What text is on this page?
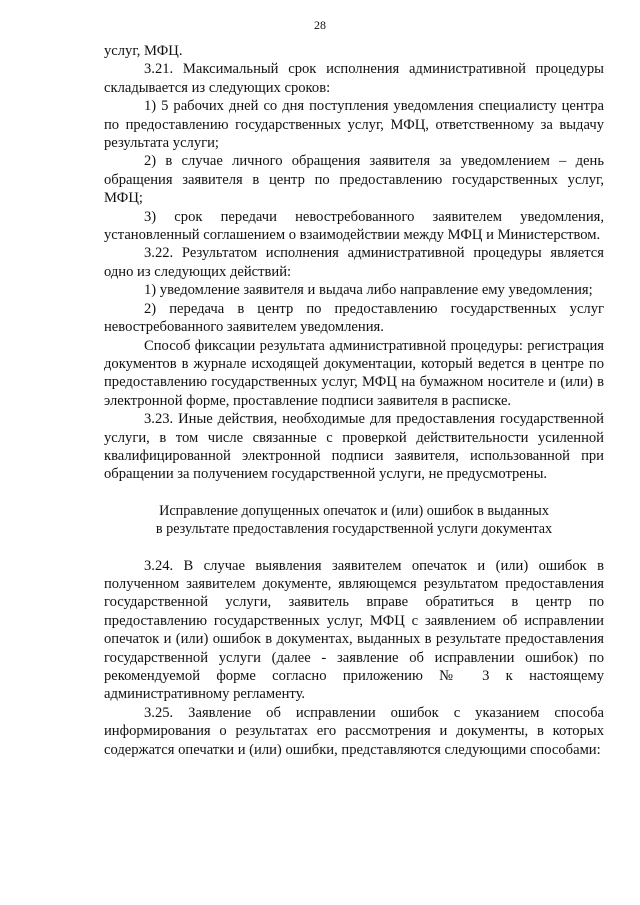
28

услуг, МФЦ.

3.21. Максимальный срок исполнения административной процедуры складывается из следующих сроков:

1) 5 рабочих дней со дня поступления уведомления специалисту центра по предоставлению государственных услуг, МФЦ, ответственному за выдачу результата услуги;

2) в случае личного обращения заявителя за уведомлением – день обращения заявителя в центр по предоставлению государственных услуг, МФЦ;

3) срок передачи невостребованного заявителем уведомления, установленный соглашением о взаимодействии между МФЦ и Министерством.

3.22. Результатом исполнения административной процедуры является одно из следующих действий:

1) уведомление заявителя и выдача либо направление ему уведомления;

2) передача в центр по предоставлению государственных услуг невостребованного заявителем уведомления.

Способ фиксации результата административной процедуры: регистрация документов в журнале исходящей документации, который ведется в центре по предоставлению государственных услуг, МФЦ на бумажном носителе и (или) в электронной форме, проставление подписи заявителя в расписке.

3.23. Иные действия, необходимые для предоставления государственной услуги, в том числе связанные с проверкой действительности усиленной квалифицированной электронной подписи заявителя, использованной при обращении за получением государственной услуги, не предусмотрены.

Исправление допущенных опечаток и (или) ошибок в выданных
в результате предоставления государственной услуги документах

3.24. В случае выявления заявителем опечаток и (или) ошибок в полученном заявителем документе, являющемся результатом предоставления государственной услуги, заявитель вправе обратиться в центр по предоставлению государственных услуг, МФЦ с заявлением об исправлении опечаток и (или) ошибок в документах, выданных в результате предоставления государственной услуги (далее - заявление об исправлении ошибок) по рекомендуемой форме согласно приложению № 3 к настоящему административному регламенту.

3.25. Заявление об исправлении ошибок с указанием способа информирования о результатах его рассмотрения и документы, в которых содержатся опечатки и (или) ошибки, представляются следующими способами:
